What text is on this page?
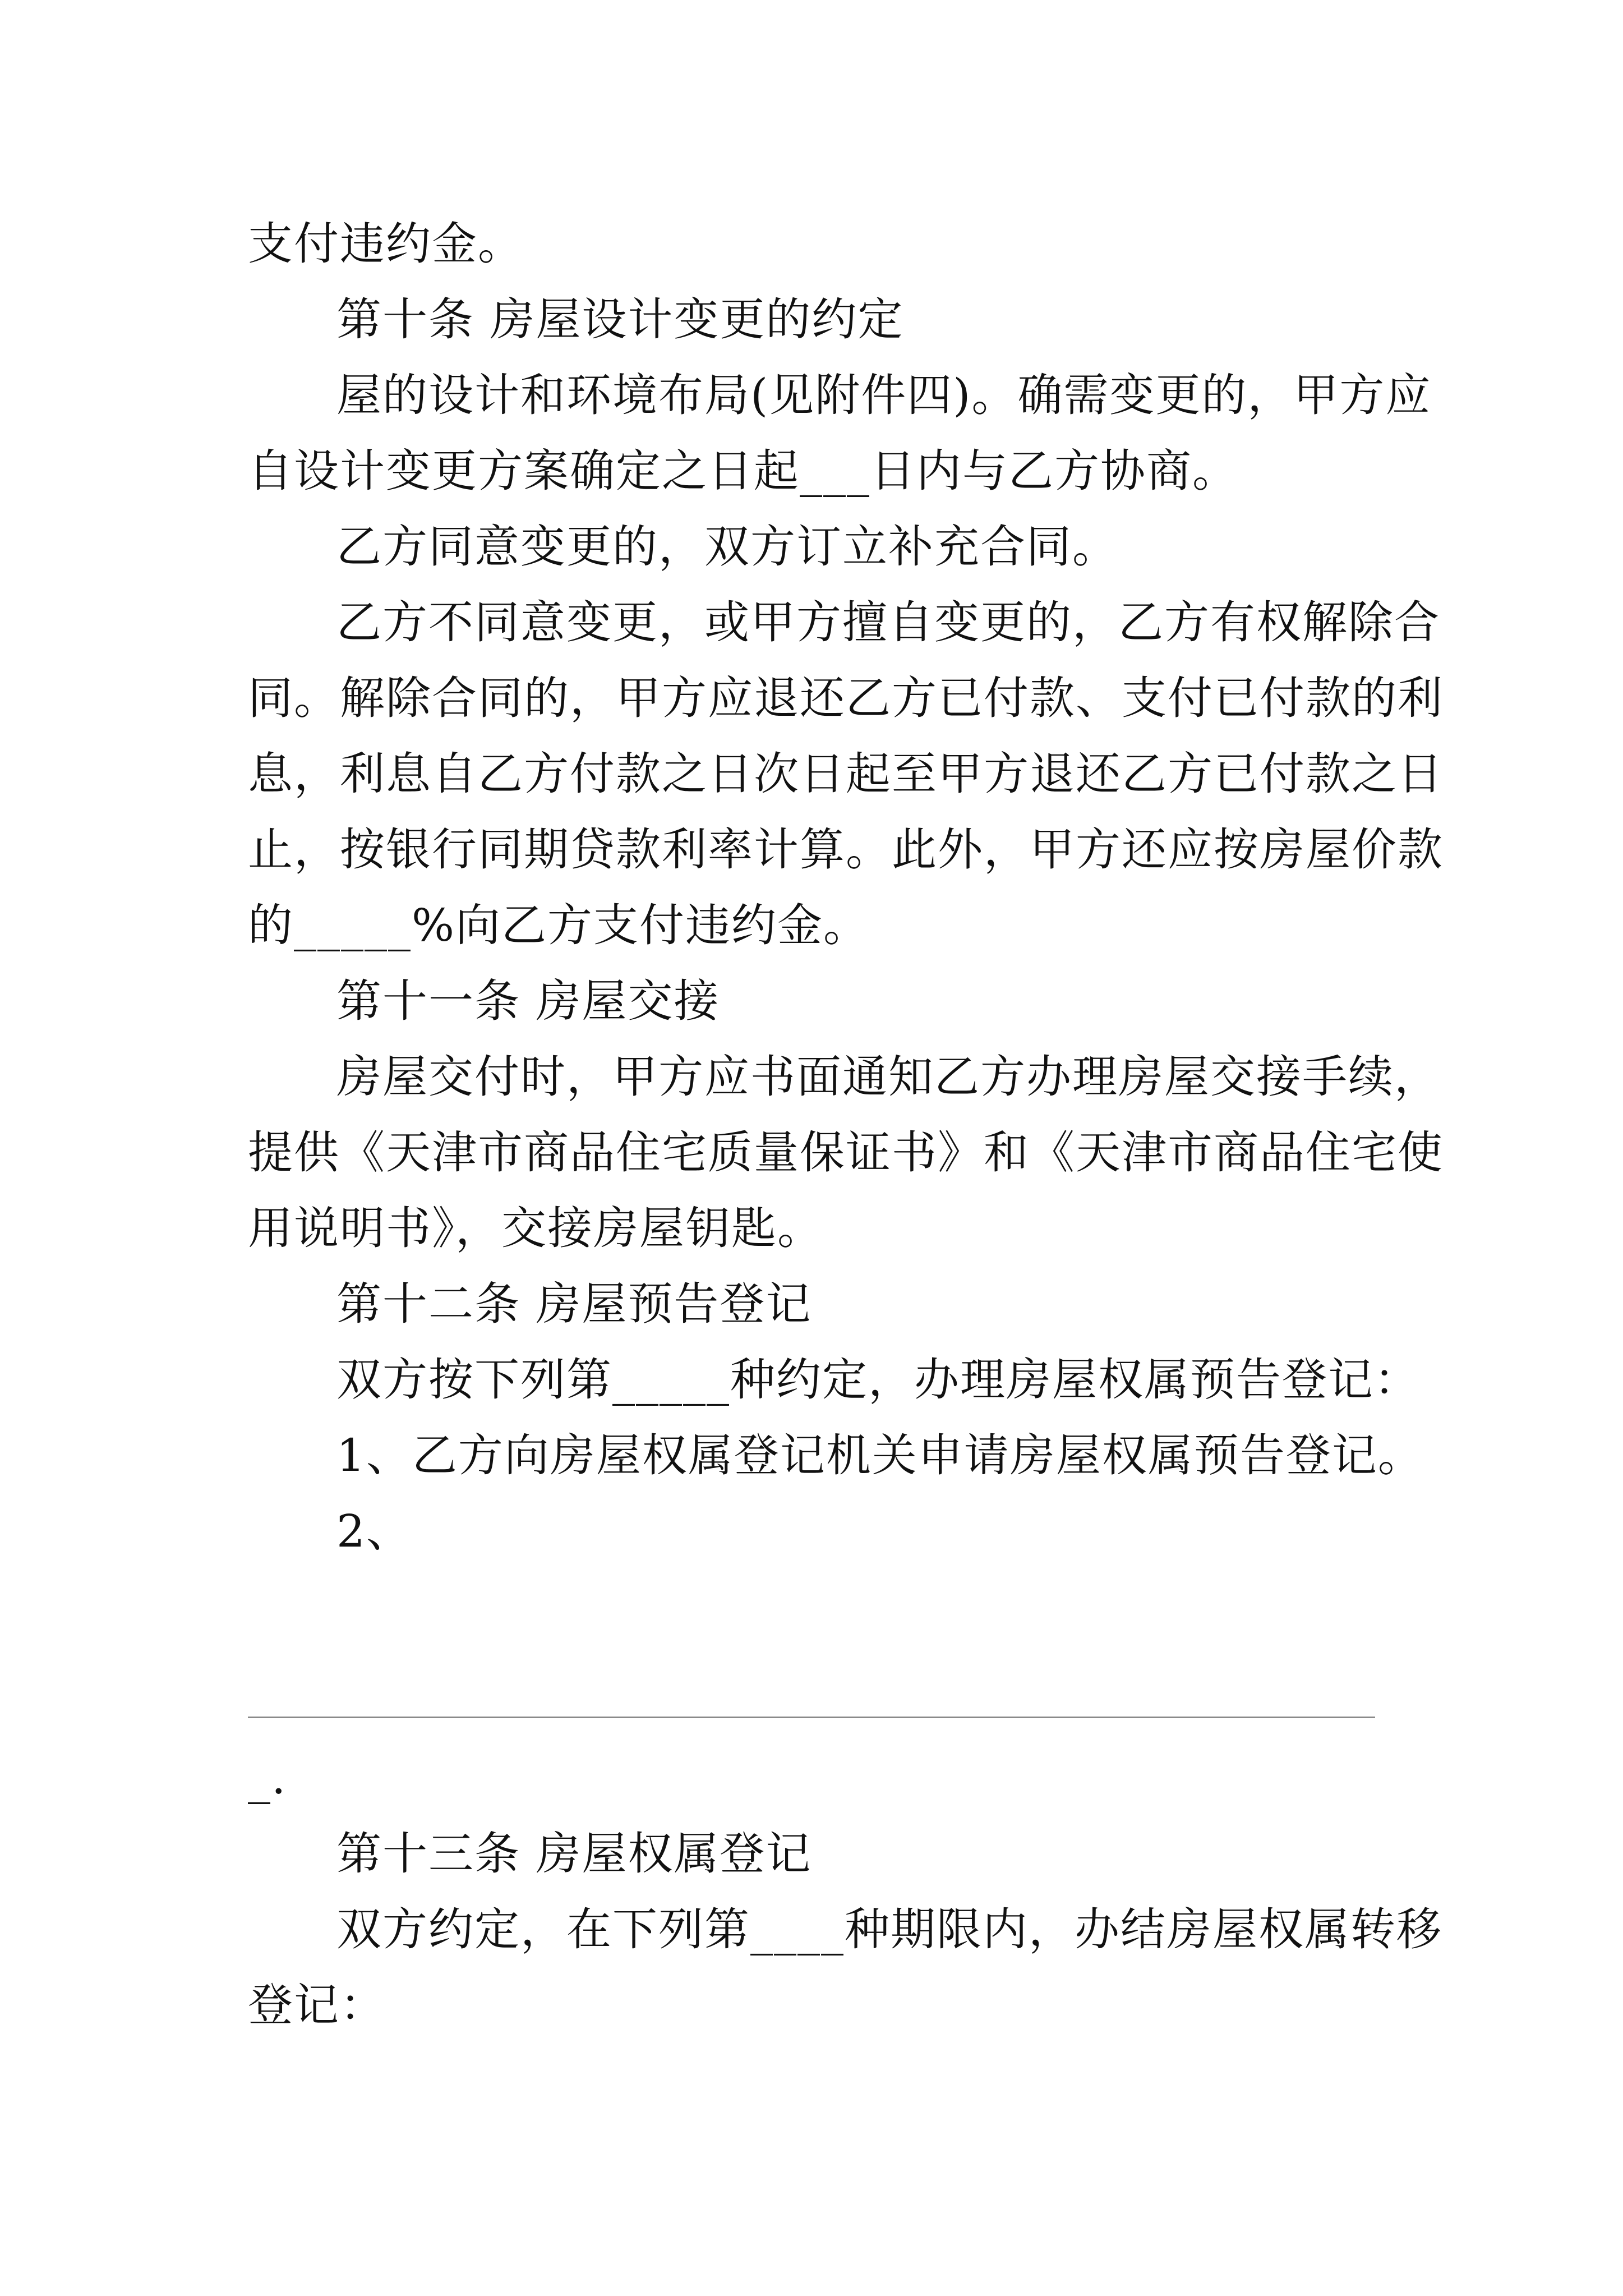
支付违约金。
第十条 房屋设计变更的约定
屋的设计和环境布局(见附件四)。确需变更的，甲方应
自设计变更方案确定之日起___日内与乙方协商。
乙方同意变更的，双方订立补充合同。
乙方不同意变更，或甲方擅自变更的，乙方有权解除合
同。解除合同的，甲方应退还乙方已付款、支付已付款的利
息，利息自乙方付款之日次日起至甲方退还乙方已付款之日
止，按银行同期贷款利率计算。此外，甲方还应按房屋价款
的_____%向乙方支付违约金。
第十一条 房屋交接
房屋交付时，甲方应书面通知乙方办理房屋交接手续，
提供《天津市商品住宅质量保证书》和《天津市商品住宅使
用说明书》，交接房屋钥匙。
第十二条 房屋预告登记
双方按下列第_____种约定，办理房屋权属预告登记：
1、乙方向房屋权属登记机关申请房屋权属预告登记。
2、
_.
第十三条 房屋权属登记
双方约定，在下列第____种期限内，办结房屋权属转移
登记：
